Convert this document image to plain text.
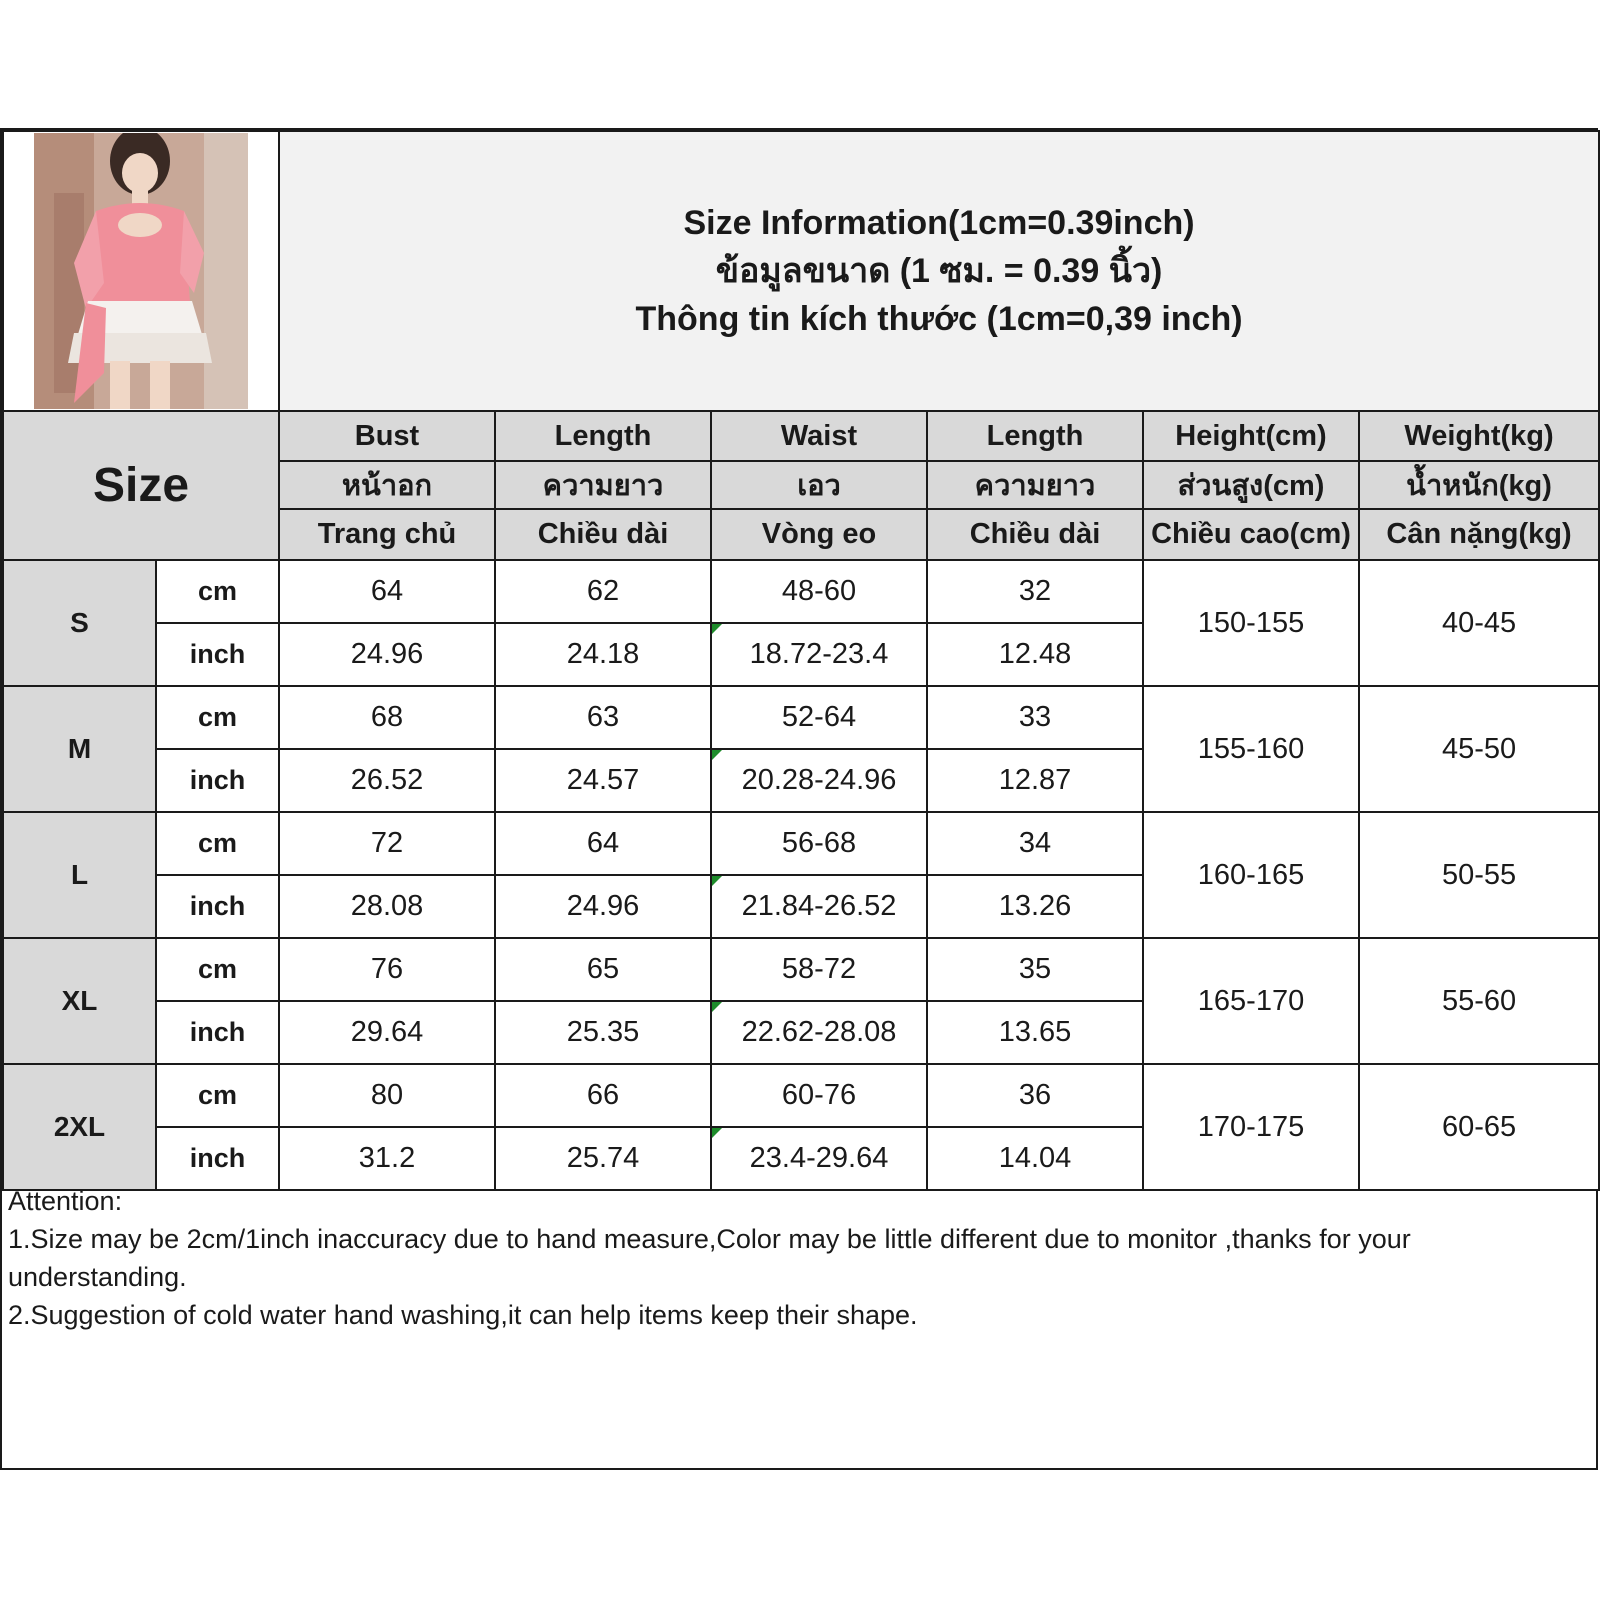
Size Information(1cm=0.39inch)
ข้อมูลขนาด (1 ซม. = 0.39 นิ้ว)
Thông tin kích thước (1cm=0,39 inch)					

Size		Bust	Length	Waist	Length	Height(cm)	Weight(kg)
		หน้าอก	ความยาว	เอว	ความยาว	ส่วนสูง(cm)	น้ำหนัก(kg)
		Trang chủ	Chiều dài	Vòng eo	Chiều dài	Chiều cao(cm)	Cân nặng(kg)
S	cm	64	62	48-60	32	150-155	40-45
	inch	24.96	24.18	18.72-23.4	12.48		
M	cm	68	63	52-64	33	155-160	45-50
	inch	26.52	24.57	20.28-24.96	12.87		
L	cm	72	64	56-68	34	160-165	50-55
	inch	28.08	24.96	21.84-26.52	13.26		
XL	cm	76	65	58-72	35	165-170	55-60
	inch	29.64	25.35	22.62-28.08	13.65		
2XL	cm	80	66	60-76	36	170-175	60-65
	inch	31.2	25.74	23.4-29.64	14.04		
Attention:
1.Size may be 2cm/1inch inaccuracy due to hand measure,Color may be little different due to monitor ,thanks for your understanding.
2.Suggestion of cold water hand washing,it can help items keep their shape.
